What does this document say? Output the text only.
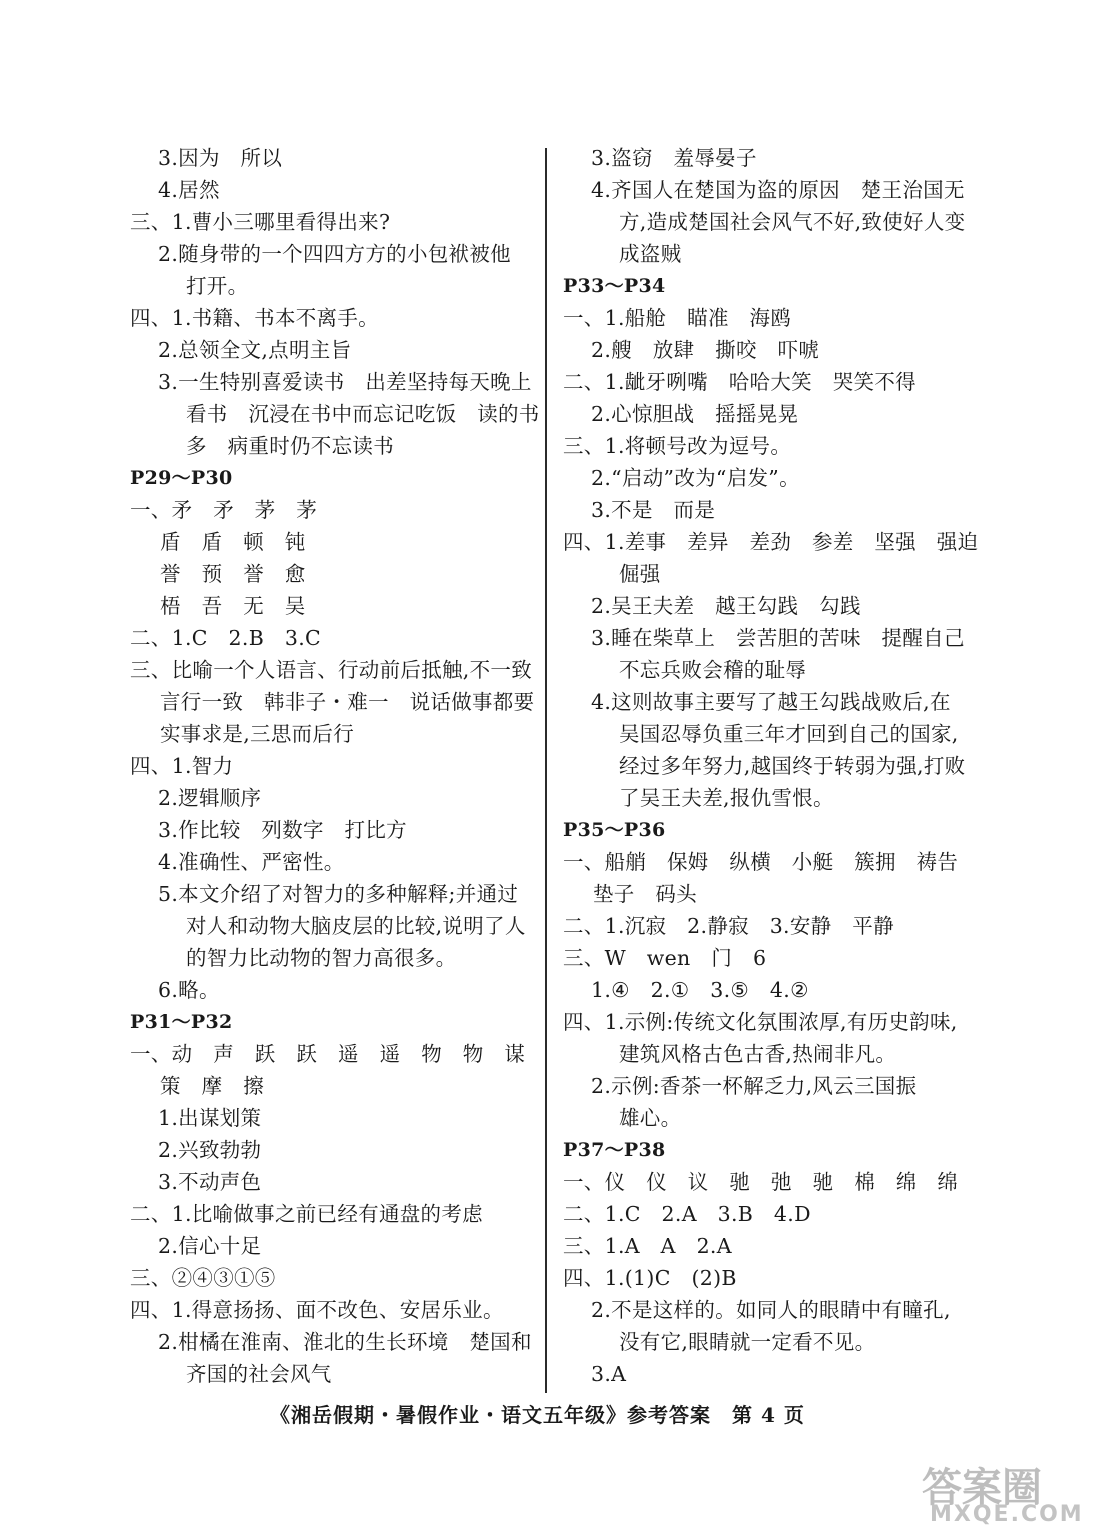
3.因为　所以
4.居然
三、1.曹小三哪里看得出来?
2.随身带的一个四四方方的小包袱被他
打开。
四、1.书籍、书本不离手。
2.总领全文,点明主旨
3.一生特别喜爱读书　出差坚持每天晚上
看书　沉浸在书中而忘记吃饭　读的书
多　病重时仍不忘读书
P29～P30
一、矛　矛　茅　茅
盾　盾　顿　钝
誉　预　誉　愈
梧　吾　无　吴
二、1.C　2.B　3.C
三、比喻一个人语言、行动前后抵触,不一致
言行一致　韩非子・难一　说话做事都要
实事求是,三思而后行
四、1.智力
2.逻辑顺序
3.作比较　列数字　打比方
4.准确性、严密性。
5.本文介绍了对智力的多种解释;并通过
对人和动物大脑皮层的比较,说明了人
的智力比动物的智力高很多。
6.略。
P31～P32
一、动　声　跃　跃　遥　遥　物　物　谋
策　摩　擦
1.出谋划策
2.兴致勃勃
3.不动声色
二、1.比喻做事之前已经有通盘的考虑
2.信心十足
三、②④③①⑤
四、1.得意扬扬、面不改色、安居乐业。
2.柑橘在淮南、淮北的生长环境　楚国和
齐国的社会风气
3.盗窃　羞辱晏子
4.齐国人在楚国为盗的原因　楚王治国无
方,造成楚国社会风气不好,致使好人变
成盗贼
P33～P34
一、1.船舱　瞄准　海鸥
2.艘　放肆　撕咬　吓唬
二、1.龇牙咧嘴　哈哈大笑　哭笑不得
2.心惊胆战　摇摇晃晃
三、1.将顿号改为逗号。
2.“启动”改为“启发”。
3.不是　而是
四、1.差事　差异　差劲　参差　坚强　强迫
倔强
2.吴王夫差　越王勾践　勾践
3.睡在柴草上　尝苦胆的苦味　提醒自己
不忘兵败会稽的耻辱
4.这则故事主要写了越王勾践战败后,在
吴国忍辱负重三年才回到自己的国家,
经过多年努力,越国终于转弱为强,打败
了吴王夫差,报仇雪恨。
P35～P36
一、船艄　保姆　纵横　小艇　簇拥　祷告
垫子　码头
二、1.沉寂　2.静寂　3.安静　平静
三、W　wen　门　6
1.④　2.①　3.⑤　4.②
四、1.示例:传统文化氛围浓厚,有历史韵味,
建筑风格古色古香,热闹非凡。
2.示例:香茶一杯解乏力,风云三国振
雄心。
P37～P38
一、仪　仪　议　驰　弛　驰　棉　绵　绵
二、1.C　2.A　3.B　4.D
三、1.A　A　2.A
四、1.(1)C　(2)B
2.不是这样的。如同人的眼睛中有瞳孔,
没有它,眼睛就一定看不见。
3.A
《湘岳假期・暑假作业・语文五年级》参考答案　第 4 页
答案圈
MXQE.COM
